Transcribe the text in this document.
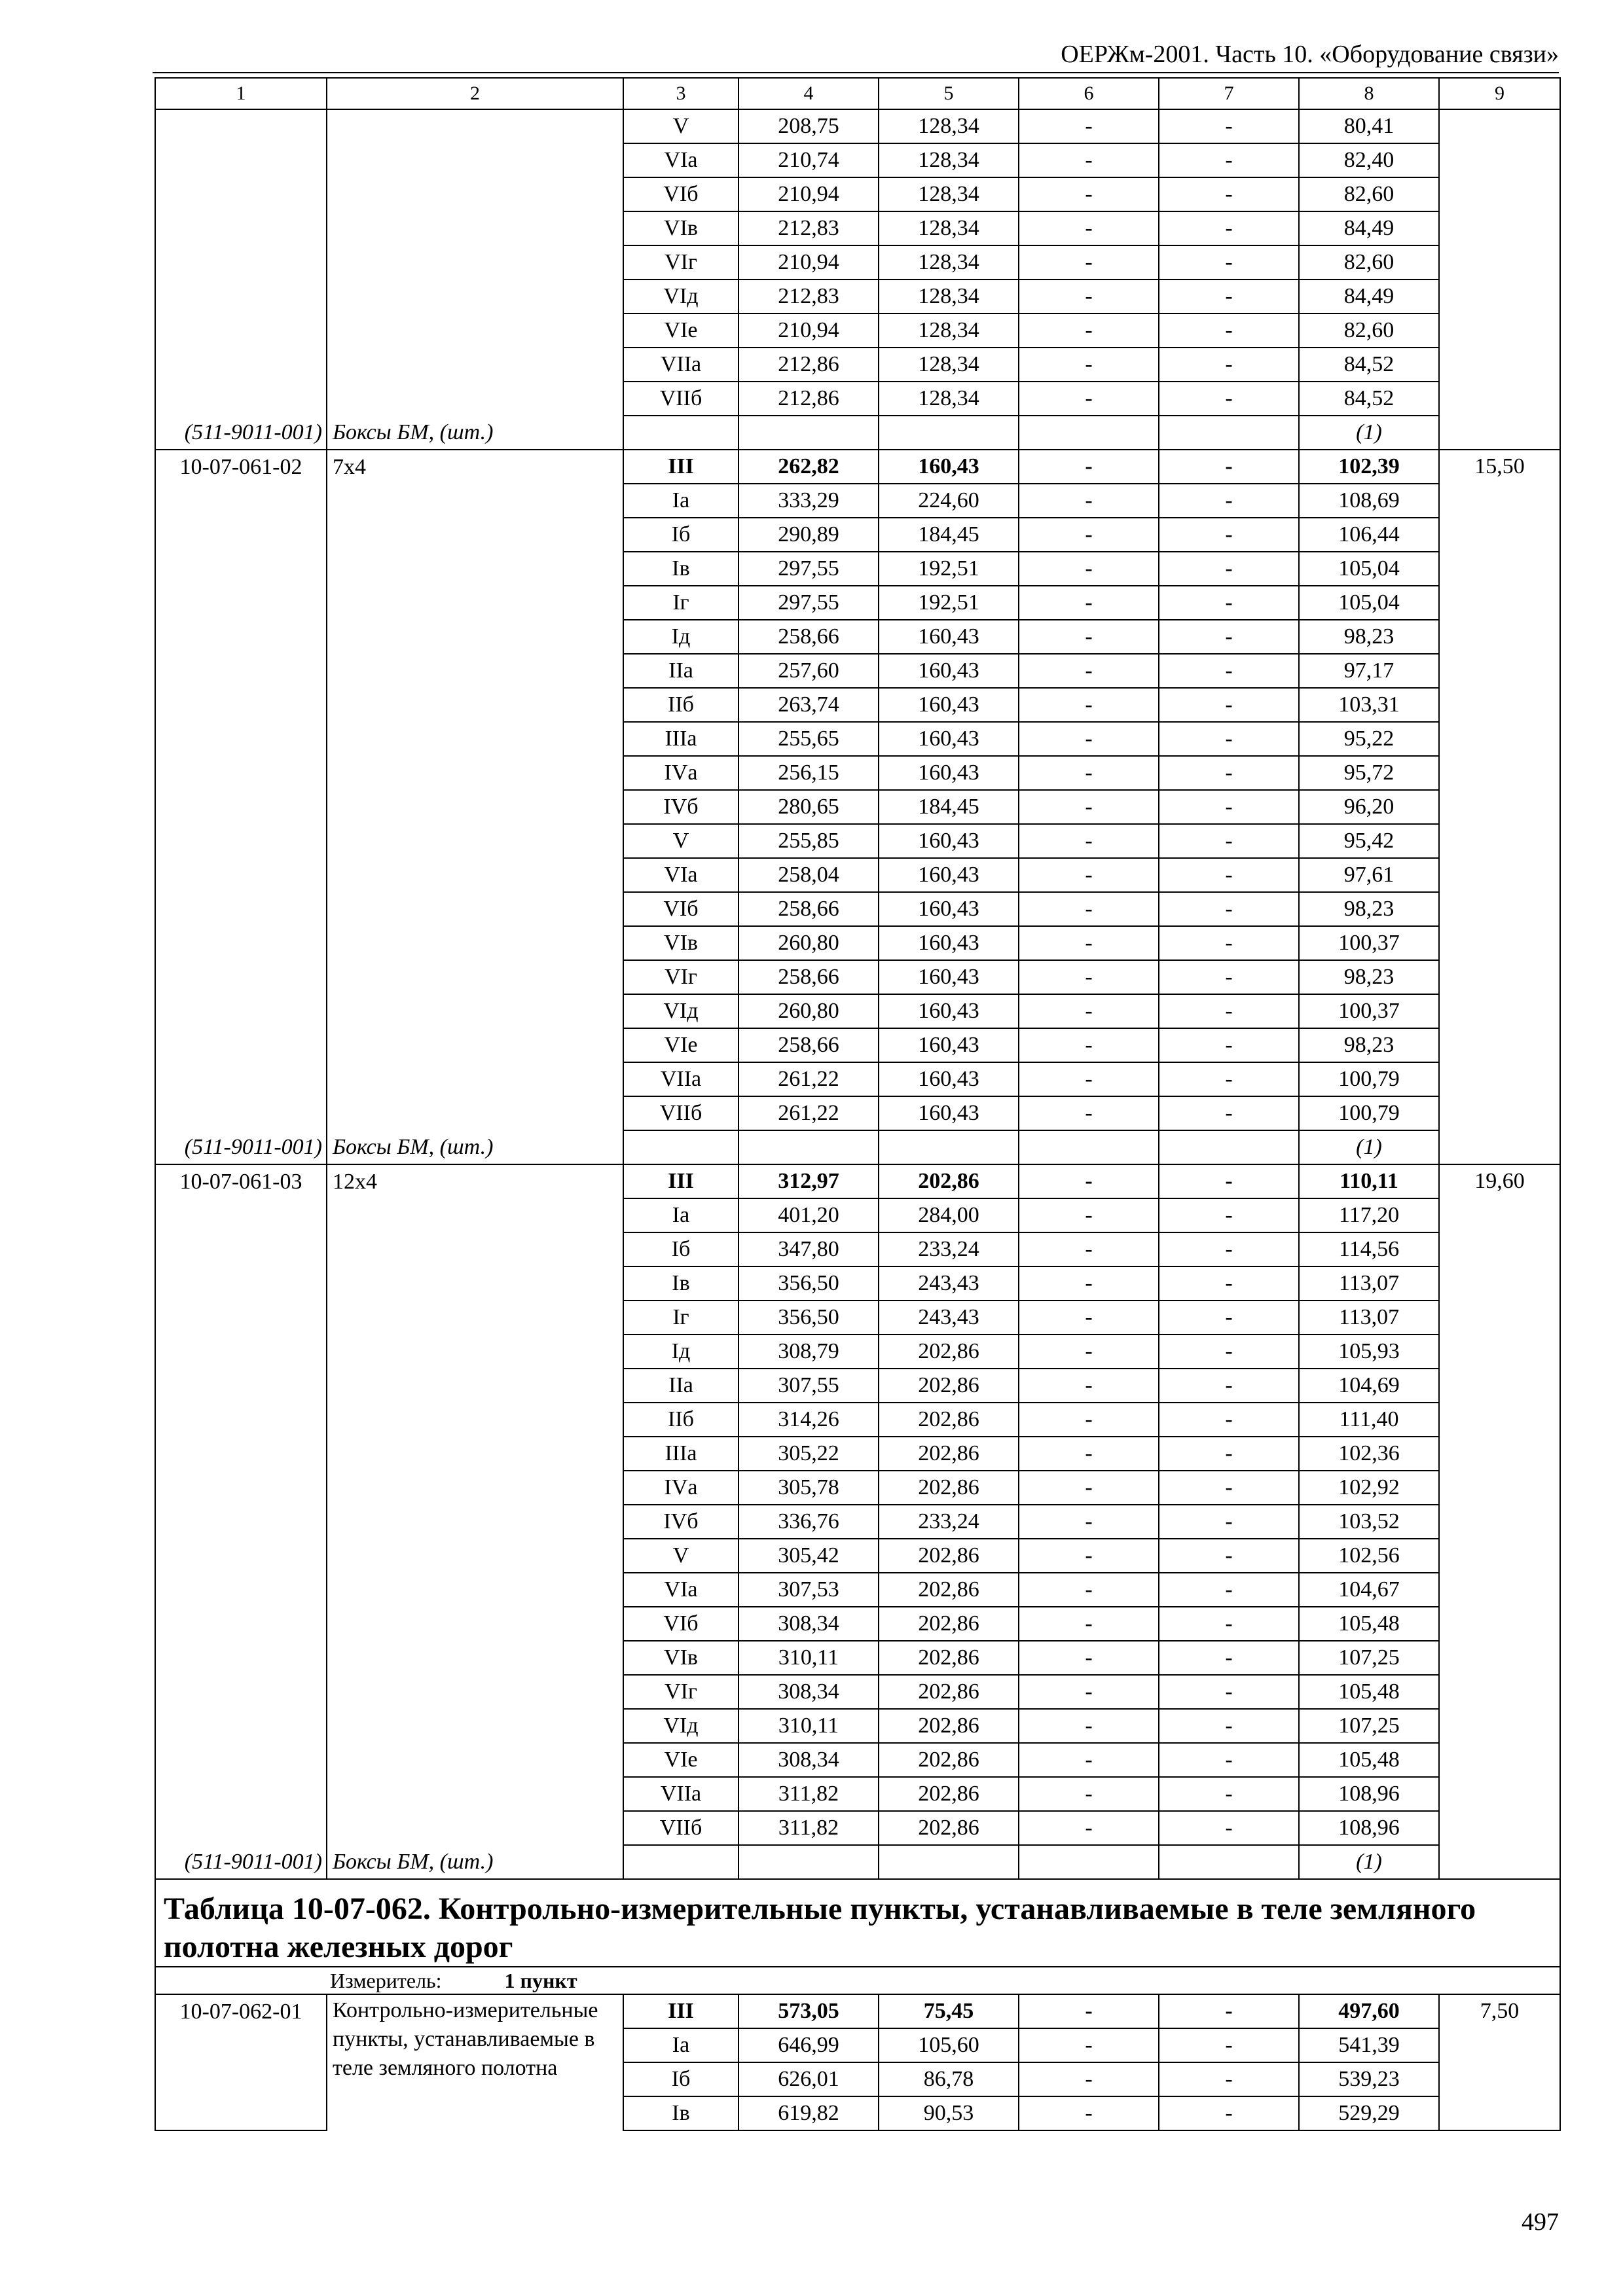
ОЕРЖм-2001. Часть 10. «Оборудование связи»
1	2	3	4	5	6	7	8	9
		V	208,75	128,34	-	-	80,41	
		VIа	210,74	128,34	-	-	82,40	
		VIб	210,94	128,34	-	-	82,60	
		VIв	212,83	128,34	-	-	84,49	
		VIг	210,94	128,34	-	-	82,60	
		VIд	212,83	128,34	-	-	84,49	
		VIе	210,94	128,34	-	-	82,60	
		VIIа	212,86	128,34	-	-	84,52	
		VIIб	212,86	128,34	-	-	84,52	
(511-9011-001)	Боксы БМ, (шт.)						(1)	
10-07-061-02	7х4	III	262,82	160,43	-	-	102,39	15,50
		Iа	333,29	224,60	-	-	108,69	
		Iб	290,89	184,45	-	-	106,44	
		Iв	297,55	192,51	-	-	105,04	
		Iг	297,55	192,51	-	-	105,04	
		Iд	258,66	160,43	-	-	98,23	
		IIа	257,60	160,43	-	-	97,17	
		IIб	263,74	160,43	-	-	103,31	
		IIIа	255,65	160,43	-	-	95,22	
		IVа	256,15	160,43	-	-	95,72	
		IVб	280,65	184,45	-	-	96,20	
		V	255,85	160,43	-	-	95,42	
		VIа	258,04	160,43	-	-	97,61	
		VIб	258,66	160,43	-	-	98,23	
		VIв	260,80	160,43	-	-	100,37	
		VIг	258,66	160,43	-	-	98,23	
		VIд	260,80	160,43	-	-	100,37	
		VIе	258,66	160,43	-	-	98,23	
		VIIа	261,22	160,43	-	-	100,79	
		VIIб	261,22	160,43	-	-	100,79	
(511-9011-001)	Боксы БМ, (шт.)						(1)	
10-07-061-03	12х4	III	312,97	202,86	-	-	110,11	19,60
		Iа	401,20	284,00	-	-	117,20	
		Iб	347,80	233,24	-	-	114,56	
		Iв	356,50	243,43	-	-	113,07	
		Iг	356,50	243,43	-	-	113,07	
		Iд	308,79	202,86	-	-	105,93	
		IIа	307,55	202,86	-	-	104,69	
		IIб	314,26	202,86	-	-	111,40	
		IIIа	305,22	202,86	-	-	102,36	
		IVа	305,78	202,86	-	-	102,92	
		IVб	336,76	233,24	-	-	103,52	
		V	305,42	202,86	-	-	102,56	
		VIа	307,53	202,86	-	-	104,67	
		VIб	308,34	202,86	-	-	105,48	
		VIв	310,11	202,86	-	-	107,25	
		VIг	308,34	202,86	-	-	105,48	
		VIд	310,11	202,86	-	-	107,25	
		VIе	308,34	202,86	-	-	105,48	
		VIIа	311,82	202,86	-	-	108,96	
		VIIб	311,82	202,86	-	-	108,96	
(511-9011-001)	Боксы БМ, (шт.)						(1)	
Таблица 10-07-062. Контрольно-измерительные пункты, устанавливаемые в теле земляного полотна железных дорог								
Измеритель: 1 пункт								
10-07-062-01	Контрольно-измерительные пункты, устанавливаемые в теле земляного полотна	III	573,05	75,45	-	-	497,60	7,50
		Iа	646,99	105,60	-	-	541,39	
		Iб	626,01	86,78	-	-	539,23	
		Iв	619,82	90,53	-	-	529,29	
497
